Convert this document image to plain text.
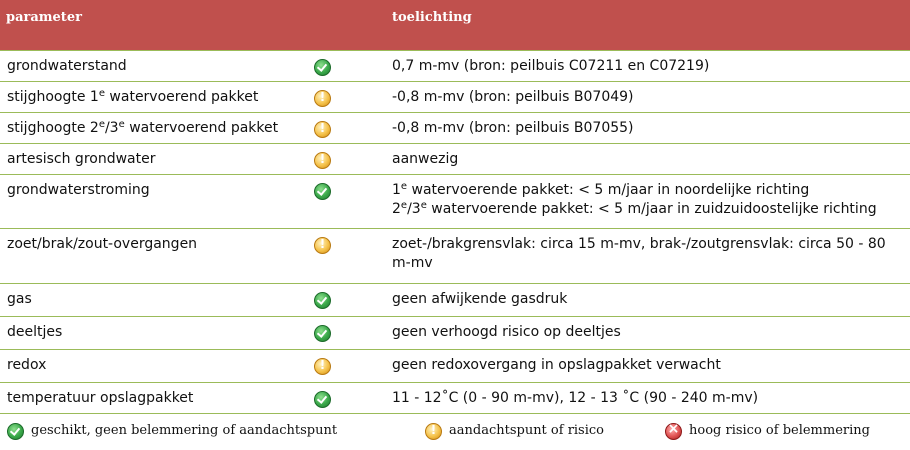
parameter		toelichting
grondwaterstand		0,7 m-mv (bron: peilbuis C07211 en C07219)
stijghoogte 1e watervoerend pakket	!	-0,8 m-mv (bron: peilbuis B07049)
stijghoogte 2e/3e watervoerend pakket	!	-0,8 m-mv (bron: peilbuis B07055)
artesisch grondwater	!	aanwezig
grondwaterstroming		1e watervoerende pakket: < 5 m/jaar in noordelijke richting
2e/3e watervoerende pakket: < 5 m/jaar in zuidzuidoostelijke richting

zoet/brak/zout-overgangen	!	zoet-/brakgrensvlak: circa 15 m-mv, brak-/zoutgrensvlak: circa 50 - 80 m-mv
gas		geen afwijkende gasdruk
deeltjes		geen verhoogd risico op deeltjes
redox	!	geen redoxovergang in opslagpakket verwacht
temperatuur opslagpakket		11 - 12˚C (0 - 90 m-mv), 12 - 13 ˚C (90 - 240 m-mv)
geschikt, geen belemmering of aandachtspunt !	aandachtspunt of risico ×	hoog risico of belemmering
